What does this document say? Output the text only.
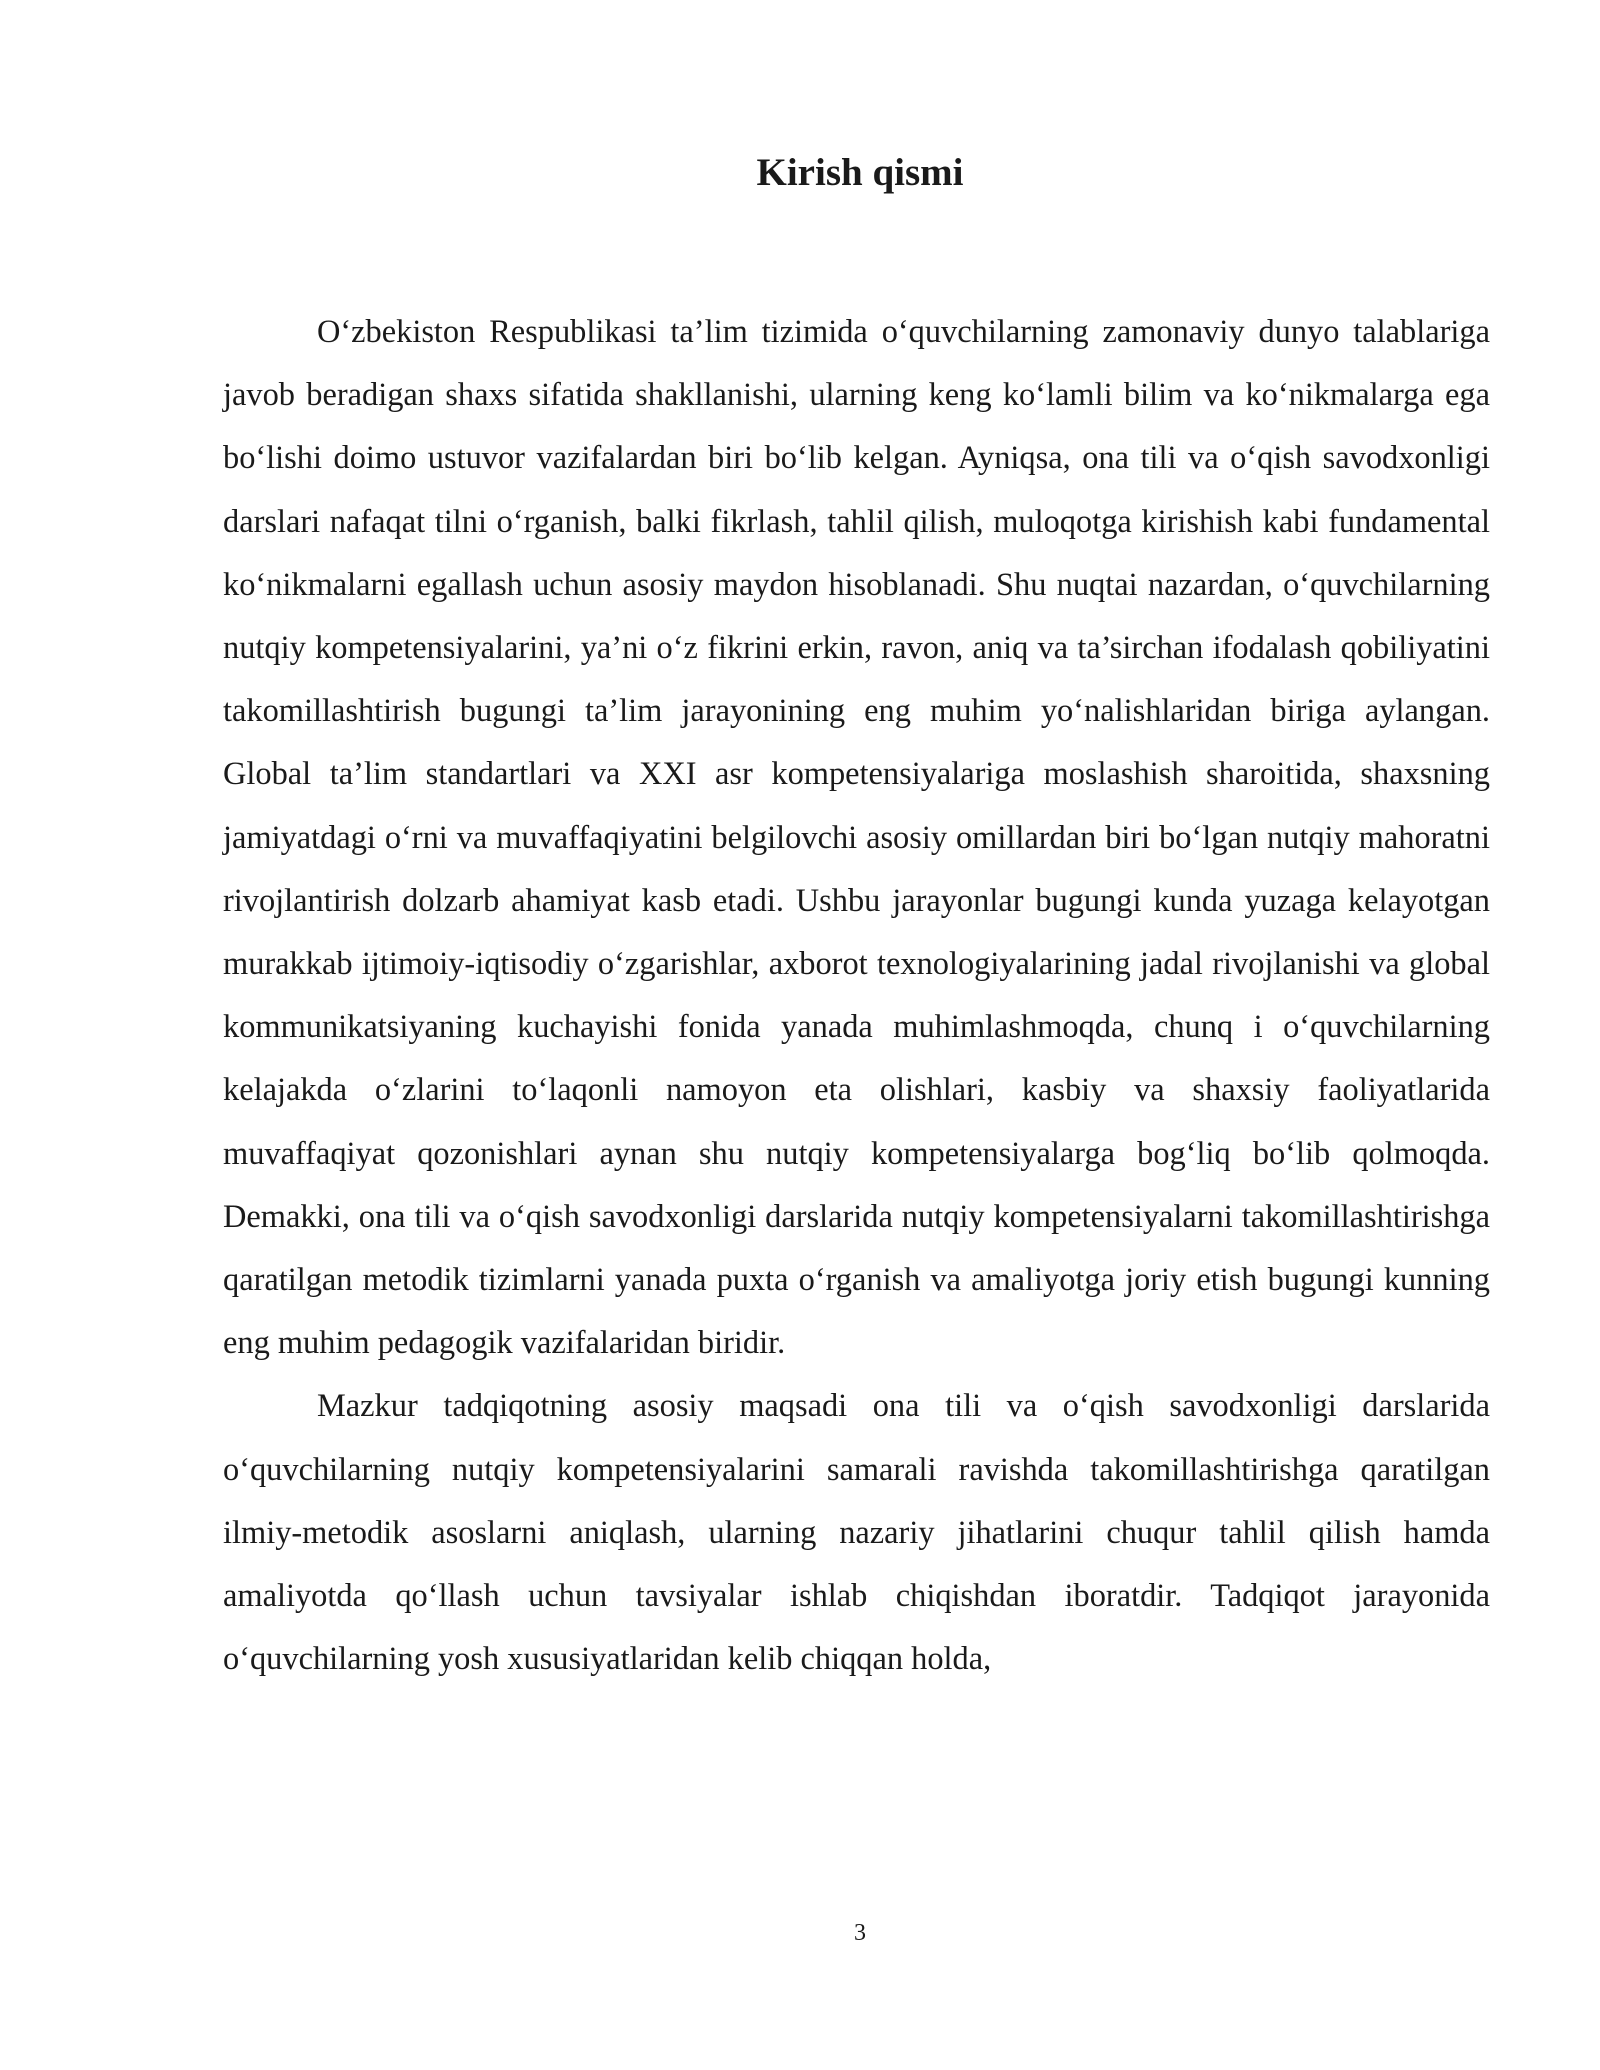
Kirish qismi

O‘zbekiston Respublikasi ta’lim tizimida o‘quvchilarning zamonaviy dunyo talablariga javob beradigan shaxs sifatida shakllanishi, ularning keng ko‘lamli bilim va ko‘nikmalarga ega bo‘lishi doimo ustuvor vazifalardan biri bo‘lib kelgan. Ayniqsa, ona tili va o‘qish savodxonligi darslari nafaqat tilni o‘rganish, balki fikrlash, tahlil qilish, muloqotga kirishish kabi fundamental ko‘nikmalarni egallash uchun asosiy maydon hisoblanadi. Shu nuqtai nazardan, o‘quvchilarning nutqiy kompetensiyalarini, ya’ni o‘z fikrini erkin, ravon, aniq va ta’sirchan ifodalash qobiliyatini takomillashtirish bugungi ta’lim jarayonining eng muhim yo‘nalishlaridan biriga aylangan. Global ta’lim standartlari va XXI asr kompetensiyalariga moslashish sharoitida, shaxsning jamiyatdagi o‘rni va muvaffaqiyatini belgilovchi asosiy omillardan biri bo‘lgan nutqiy mahoratni rivojlantirish dolzarb ahamiyat kasb etadi. Ushbu jarayonlar bugungi kunda yuzaga kelayotgan murakkab ijtimoiy-iqtisodiy o‘zgarishlar, axborot texnologiyalarining jadal rivojlanishi va global kommunikatsiyaning kuchayishi fonida yanada muhimlashmoqda, chunq i o‘quvchilarning kelajakda o‘zlarini to‘laqonli namoyon eta olishlari, kasbiy va shaxsiy faoliyatlarida muvaffaqiyat qozonishlari aynan shu nutqiy kompetensiyalarga bog‘liq bo‘lib qolmoqda. Demakki, ona tili va o‘qish savodxonligi darslarida nutqiy kompetensiyalarni takomillashtirishga qaratilgan metodik tizimlarni yanada puxta o‘rganish va amaliyotga joriy etish bugungi kunning eng muhim pedagogik vazifalaridan biridir.

Mazkur tadqiqotning asosiy maqsadi ona tili va o‘qish savodxonligi darslarida o‘quvchilarning nutqiy kompetensiyalarini samarali ravishda takomillashtirishga qaratilgan ilmiy-metodik asoslarni aniqlash, ularning nazariy jihatlarini chuqur tahlil qilish hamda amaliyotda qo‘llash uchun tavsiyalar ishlab chiqishdan iboratdir. Tadqiqot jarayonida o‘quvchilarning yosh xususiyatlaridan kelib chiqqan holda,

3
